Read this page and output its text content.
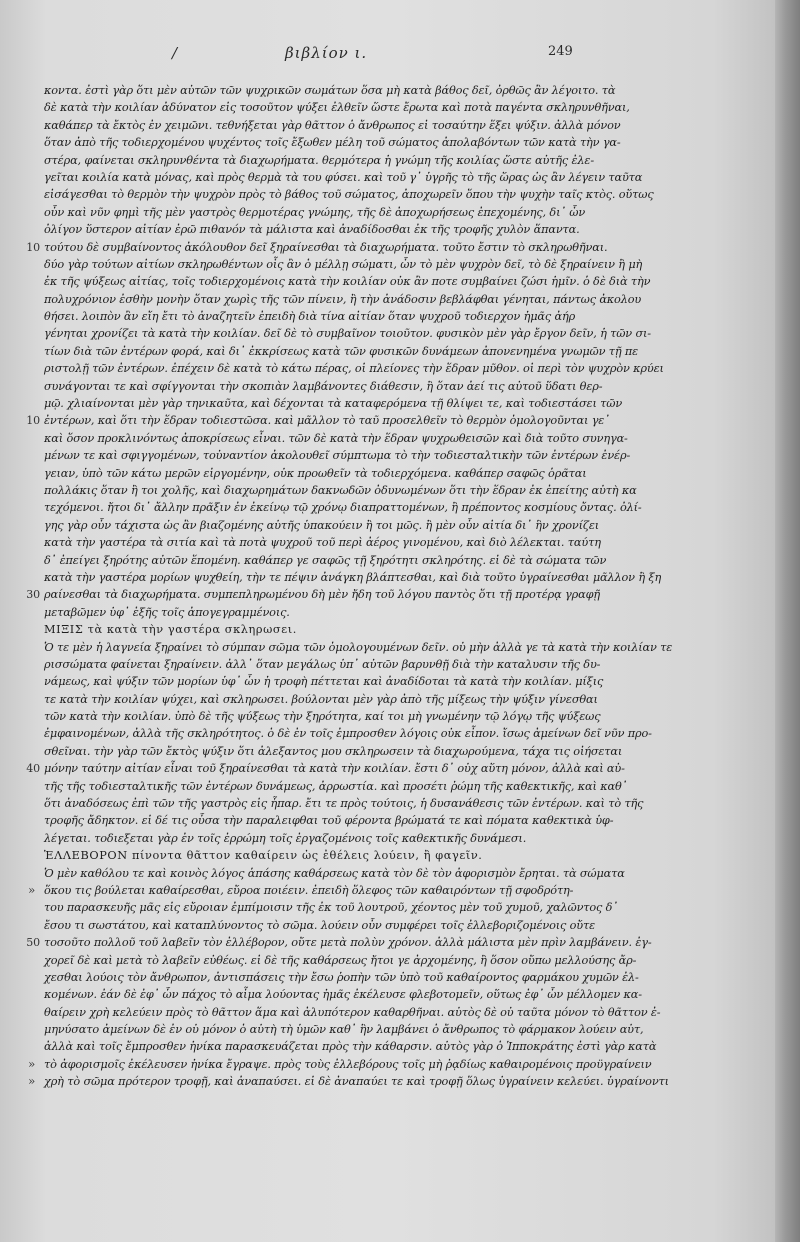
/	βιβλίον ι.	249
κοντα. ἐστὶ γὰρ ὅτι μὲν αὐτῶν τῶν ψυχρικῶν σωμάτων ὅσα μὴ κατὰ βάθος δεῖ, ὀρθῶς ἂν λέγοιτο. τὰ
δὲ κατὰ τὴν κοιλίαν ἀδύνατον εἰς τοσοῦτον ψύξει ἐλθεῖν ὥστε ἔρωτα καὶ ποτὰ παγέντα σκληρυνθῆναι,
καθάπερ τὰ ἔκτὸς ἐν χειμῶνι. τεθνήξεται γὰρ θᾶττον ὁ ἄνθρωπος εἰ τοσαύτην ἕξει ψύξιν. ἀλλὰ μόνον
ὅταν ἀπὸ τῆς τοδιερχομένου ψυχέντος τοῖς ἔξωθεν μέλη τοῦ σώματος ἀπολαβόντων τῶν κατὰ τὴν γα-
στέρα, φαίνεται σκληρυνθέντα τὰ διαχωρήματα. θερμότερα ἡ γνώμη τῆς κοιλίας ὥστε αὐτῆς ἐλε-
γεῖται κοιλία κατὰ μόνας, καὶ πρὸς θερμὰ τὰ του φύσει. καὶ τοῦ γ᾽ ὑγρῆς τὸ τῆς ὥρας ὡς ἂν λέγειν ταῦτα
εἰσάγεσθαι τὸ θερμὸν τὴν ψυχρὸν πρὸς τὸ βάθος τοῦ σώματος, ἀποχωρεῖν ὅπου τὴν ψυχὴν ταῖς κτὸς. οὕτως
οὖν καὶ νῦν φημὶ τῆς μὲν γαστρὸς θερμοτέρας γνώμης, τῆς δὲ ἀποχωρήσεως ἐπεχομένης, δι᾽ ὧν
ὀλίγον ὕστερον αἰτίαν ἐρῶ πιθανόν τὰ μάλιστα καὶ ἀναδίδοσθαι ἐκ τῆς τροφῆς χυλὸν ἅπαντα.
10 τούτου δὲ συμβαίνοντος ἀκόλουθον δεῖ ξηραίνεσθαι τὰ διαχωρήματα. τοῦτο ἔστιν τὸ σκληρωθῆναι.
δύο γὰρ τούτων αἰτίων σκληρωθέντων οἷς ἂν ὁ μέλλῃ σώματι, ὧν τὸ μὲν ψυχρὸν δεῖ, τὸ δὲ ξηραίνειν ἢ μὴ
ἐκ τῆς ψύξεως αἰτίας, τοῖς τοδιερχομένοις κατὰ τὴν κοιλίαν οὐκ ἂν ποτε συμβαίνει ζώσι ἡμῖν. ὁ δὲ διὰ τὴν
πολυχρόνιον ἐσθὴν μονὴν ὅταν χωρὶς τῆς τῶν πίνειν, ἢ τὴν ἀνάδοσιν βεβλάφθαι γένηται, πάντως ἀκολου
θήσει. λοιπὸν ἂν εἴη ἔτι τὸ ἀναζητεῖν ἐπειδὴ διὰ τίνα αἰτίαν ὅταν ψυχροῦ τοδιερχον ἡμᾶς ἀήρ
γένηται χρονίζει τὰ κατὰ τὴν κοιλίαν. δεῖ δὲ τὸ συμβαῖνον τοιοῦτον. φυσικὸν μὲν γὰρ ἔργον δεῖν, ἡ τῶν σι-
τίων διὰ τῶν ἐντέρων φορά, καὶ δι᾽ ἐκκρίσεως κατὰ τῶν φυσικῶν δυνάμεων ἀπονενημένα γνωμῶν τῇ πε
ριστολῇ τῶν ἐντέρων. ἐπέχειν δὲ κατὰ τὸ κάτω πέρας, οἱ πλείονες τὴν ἕδραν μῦθον. οἱ περὶ τὸν ψυχρὸν κρύει
συνάγονται τε καὶ σφίγγονται τὴν σκοπιὰν λαμβάνοντες διάθεσιν, ἢ ὅταν ἀεί τις αὐτοῦ ὕδατι θερ-
μῷ. χλιαίνονται μὲν γὰρ τηνικαῦτα, καὶ δέχονται τὰ καταφερόμενα τῇ θλίψει τε, καὶ τοδιεστάσει τῶν
10 ἐντέρων, καὶ ὅτι τὴν ἕδραν τοδιεστῶσα. καὶ μᾶλλον τὸ ταῦ προσελθεῖν τὸ θερμὸν ὁμολογοῦνται γε᾽
καὶ ὅσον προκλινόντως ἀποκρίσεως εἶναι. τῶν δὲ κατὰ τὴν ἕδραν ψυχρωθεισῶν καὶ διὰ τοῦτο συνηγα-
μένων τε καὶ σφιγγομένων, τοὐναντίον ἀκολουθεῖ σύμπτωμα τὸ τὴν τοδιεσταλτικὴν τῶν ἐντέρων ἐνέρ-
γειαν, ὑπὸ τῶν κάτω μερῶν εἰργομένην, οὐκ προωθεῖν τὰ τοδιερχόμενα. καθάπερ σαφῶς ὁρᾶται
πολλάκις ὅταν ἢ τοι χολῆς, καὶ διαχωρημάτων δακνωδῶν ὀδυνωμένων ὅτι τὴν ἕδραν ἐκ ἐπείτης αὐτὴ κα
τεχόμενοι. ἤτοι δι᾽ ἄλλην πρᾶξιν ἐν ἐκείνῳ τῷ χρόνῳ διαπραττομένων, ἢ πρέποντος κοσμίους ὄντας. ὀλί-
γης γὰρ οὖν τάχιστα ὡς ἂν βιαζομένης αὐτῆς ὑπακούειν ἢ τοι μῶς. ἢ μὲν οὖν αἰτία δι᾽ ἣν χρονίζει
κατὰ τὴν γαστέρα τὰ σιτία καὶ τὰ ποτὰ ψυχροῦ τοῦ περὶ ἀέρος γινομένου, καὶ διὸ λέλεκται. ταύτη
δ᾽ ἐπείγει ξηρότης αὐτῶν ἕπομένη. καθάπερ γε σαφῶς τῇ ξηρότητι σκληρότης. εἰ δὲ τὰ σώματα τῶν
κατὰ τὴν γαστέρα μορίων ψυχθείη, τὴν τε πέψιν ἀνάγκη βλάπτεσθαι, καὶ διὰ τοῦτο ὑγραίνεσθαι μᾶλλον ἢ ξη
30 ραίνεσθαι τὰ διαχωρήματα. συμπεπληρωμένου δὴ μὲν ἤδη τοῦ λόγου παντὸς ὅτι τῇ προτέρᾳ γραφῇ
μεταβῶμεν ὑφ᾽ ἑξῆς τοῖς ἀπογεγραμμένοις.
ΜΙΞΙΣ τὰ κατὰ τὴν γαστέρα σκληρωσει.
Ὁ τε μὲν ἡ λαγνεία ξηραίνει τὸ σύμπαν σῶμα τῶν ὁμολογουμένων δεῖν. οὐ μὴν ἀλλὰ γε τὰ κατὰ τὴν κοιλίαν τε
ρισσώματα φαίνεται ξηραίνειν. ἀλλ᾽ ὅταν μεγάλως ὑπ᾽ αὐτῶν βαρυνθῇ διὰ τὴν καταλυσιν τῆς δυ-
νάμεως, καὶ ψύξιν τῶν μορίων ὑφ᾽ ὧν ἡ τροφὴ πέττεται καὶ ἀναδίδοται τὰ κατὰ τὴν κοιλίαν. μίξις
τε κατὰ τὴν κοιλίαν ψύχει, καὶ σκληρωσει. βούλονται μὲν γὰρ ἀπὸ τῆς μίξεως τὴν ψύξιν γίνεσθαι
τῶν κατὰ τὴν κοιλίαν. ὑπὸ δὲ τῆς ψύξεως τὴν ξηρότητα, καί τοι μὴ γνωμένην τῷ λόγῳ τῆς ψύξεως
ἐμφαινομένων, ἀλλὰ τῆς σκληρότητος. ὁ δὲ ἐν τοῖς ἐμπροσθεν λόγοις οὐκ εἶπον. ἴσως ἀμείνων δεῖ νῦν προ-
σθεῖναι. τὴν γὰρ τῶν ἔκτὸς ψύξιν ὅτι ἀλεξαντος μου σκληρωσειν τὰ διαχωρούμενα, τάχα τις οἰήσεται
40 μόνην ταύτην αἰτίαν εἶναι τοῦ ξηραίνεσθαι τὰ κατὰ τὴν κοιλίαν. ἔστι δ᾽ οὐχ αὕτη μόνον, ἀλλὰ καὶ αὐ-
τῆς τῆς τοδιεσταλτικῆς τῶν ἐντέρων δυνάμεως, ἀρρωστία. καὶ προσέτι ῥώμη τῆς καθεκτικῆς, καὶ καθ᾽
ὅτι ἀναδόσεως ἐπὶ τῶν τῆς γαστρὸς εἰς ἧπαρ. ἔτι τε πρὸς τούτοις, ἡ δυσανάθεσις τῶν ἐντέρων. καὶ τὸ τῆς
τροφῆς ἄδηκτον. εἰ δέ τις οὖσα τὴν παραλειφθαι τοῦ φέροντα βρώματά τε καὶ πόματα καθεκτικὰ ὑφ-
λέγεται. τοδιεξεται γὰρ ἐν τοῖς ἐρρώμη τοῖς ἐργαζομένοις τοῖς καθεκτικῆς δυνάμεσι.
ἙΛΛΕΒΟΡΟΝ πίνοντα θᾶττον καθαίρειν ὡς ἐθέλεις λούειν, ἢ φαγεῖν.
Ὁ μὲν καθόλου τε καὶ κοινὸς λόγος ἁπάσης καθάρσεως κατὰ τὸν δὲ τὸν ἀφορισμὸν ἔρηται. τὰ σώματα
» ὅκου τις βούλεται καθαίρεσθαι, εὔροα ποιέειν. ἐπειδὴ ὅλεφος τῶν καθαιρόντων τῇ σφοδρότη-
του παρασκευῆς μᾶς εἰς εὔροιαν ἐμπίμοισιν τῆς ἐκ τοῦ λουτροῦ, χέοντος μὲν τοῦ χυμοῦ, χαλῶντος δ᾽
ἔσου τι σωστάτου, καὶ καταπλύνοντος τὸ σῶμα. λούειν οὖν συμφέρει τοῖς ἐλλεβοριζομένοις οὔτε
50 τοσοῦτο πολλοῦ τοῦ λαβεῖν τὸν ἐλλέβορον, οὔτε μετὰ πολὺν χρόνον. ἀλλὰ μάλιστα μὲν πρὶν λαμβάνειν. ἐγ-
χορεῖ δὲ καὶ μετὰ τὸ λαβεῖν εὐθέως. εἰ δὲ τῆς καθάρσεως ἤτοι γε ἀρχομένης, ἢ ὅσον οὔπω μελλούσης ἄρ-
χεσθαι λούοις τὸν ἄνθρωπον, ἀντισπάσεις τὴν ἔσω ῥοπὴν τῶν ὑπὸ τοῦ καθαίροντος φαρμάκου χυμῶν ἐλ-
κομένων. ἐάν δὲ ἐφ᾽ ὧν πάχος τὸ αἷμα λούοντας ἡμᾶς ἐκέλευσε φλεβοτομεῖν, οὕτως ἐφ᾽ ὧν μέλλομεν κα-
θαίρειν χρὴ κελεύειν πρὸς τὸ θᾶττον ἅμα καὶ ἀλυπότερον καθαρθῆναι. αὐτὸς δὲ οὐ ταῦτα μόνον τὸ θᾶττον ἐ-
μηνύσατο ἀμείνων δὲ ἐν οὐ μόνον ὁ αὐτὴ τὴ ὑμῶν καθ᾽ ἣν λαμβάνει ὁ ἄνθρωπος τὸ φάρμακον λούειν αὐτ,
ἀλλὰ καὶ τοῖς ἔμπροσθεν ἡνίκα παρασκευάζεται πρὸς τὴν κάθαρσιν. αὐτὸς γὰρ ὁ Ἱπποκράτης ἐστὶ γὰρ κατὰ
» τὸ ἀφορισμοῖς ἐκέλευσεν ἡνίκα ἔγραψε. πρὸς τοὺς ἐλλεβόρους τοῖς μὴ ῥᾳδίως καθαιρομένοις προϋγραίνειν
» χρὴ τὸ σῶμα πρότερον τροφῇ, καὶ ἀναπαύσει. εἰ δὲ ἀναπαύει τε καὶ τροφῇ ὅλως ὑγραίνειν κελεύει. ὑγραίνοντι
